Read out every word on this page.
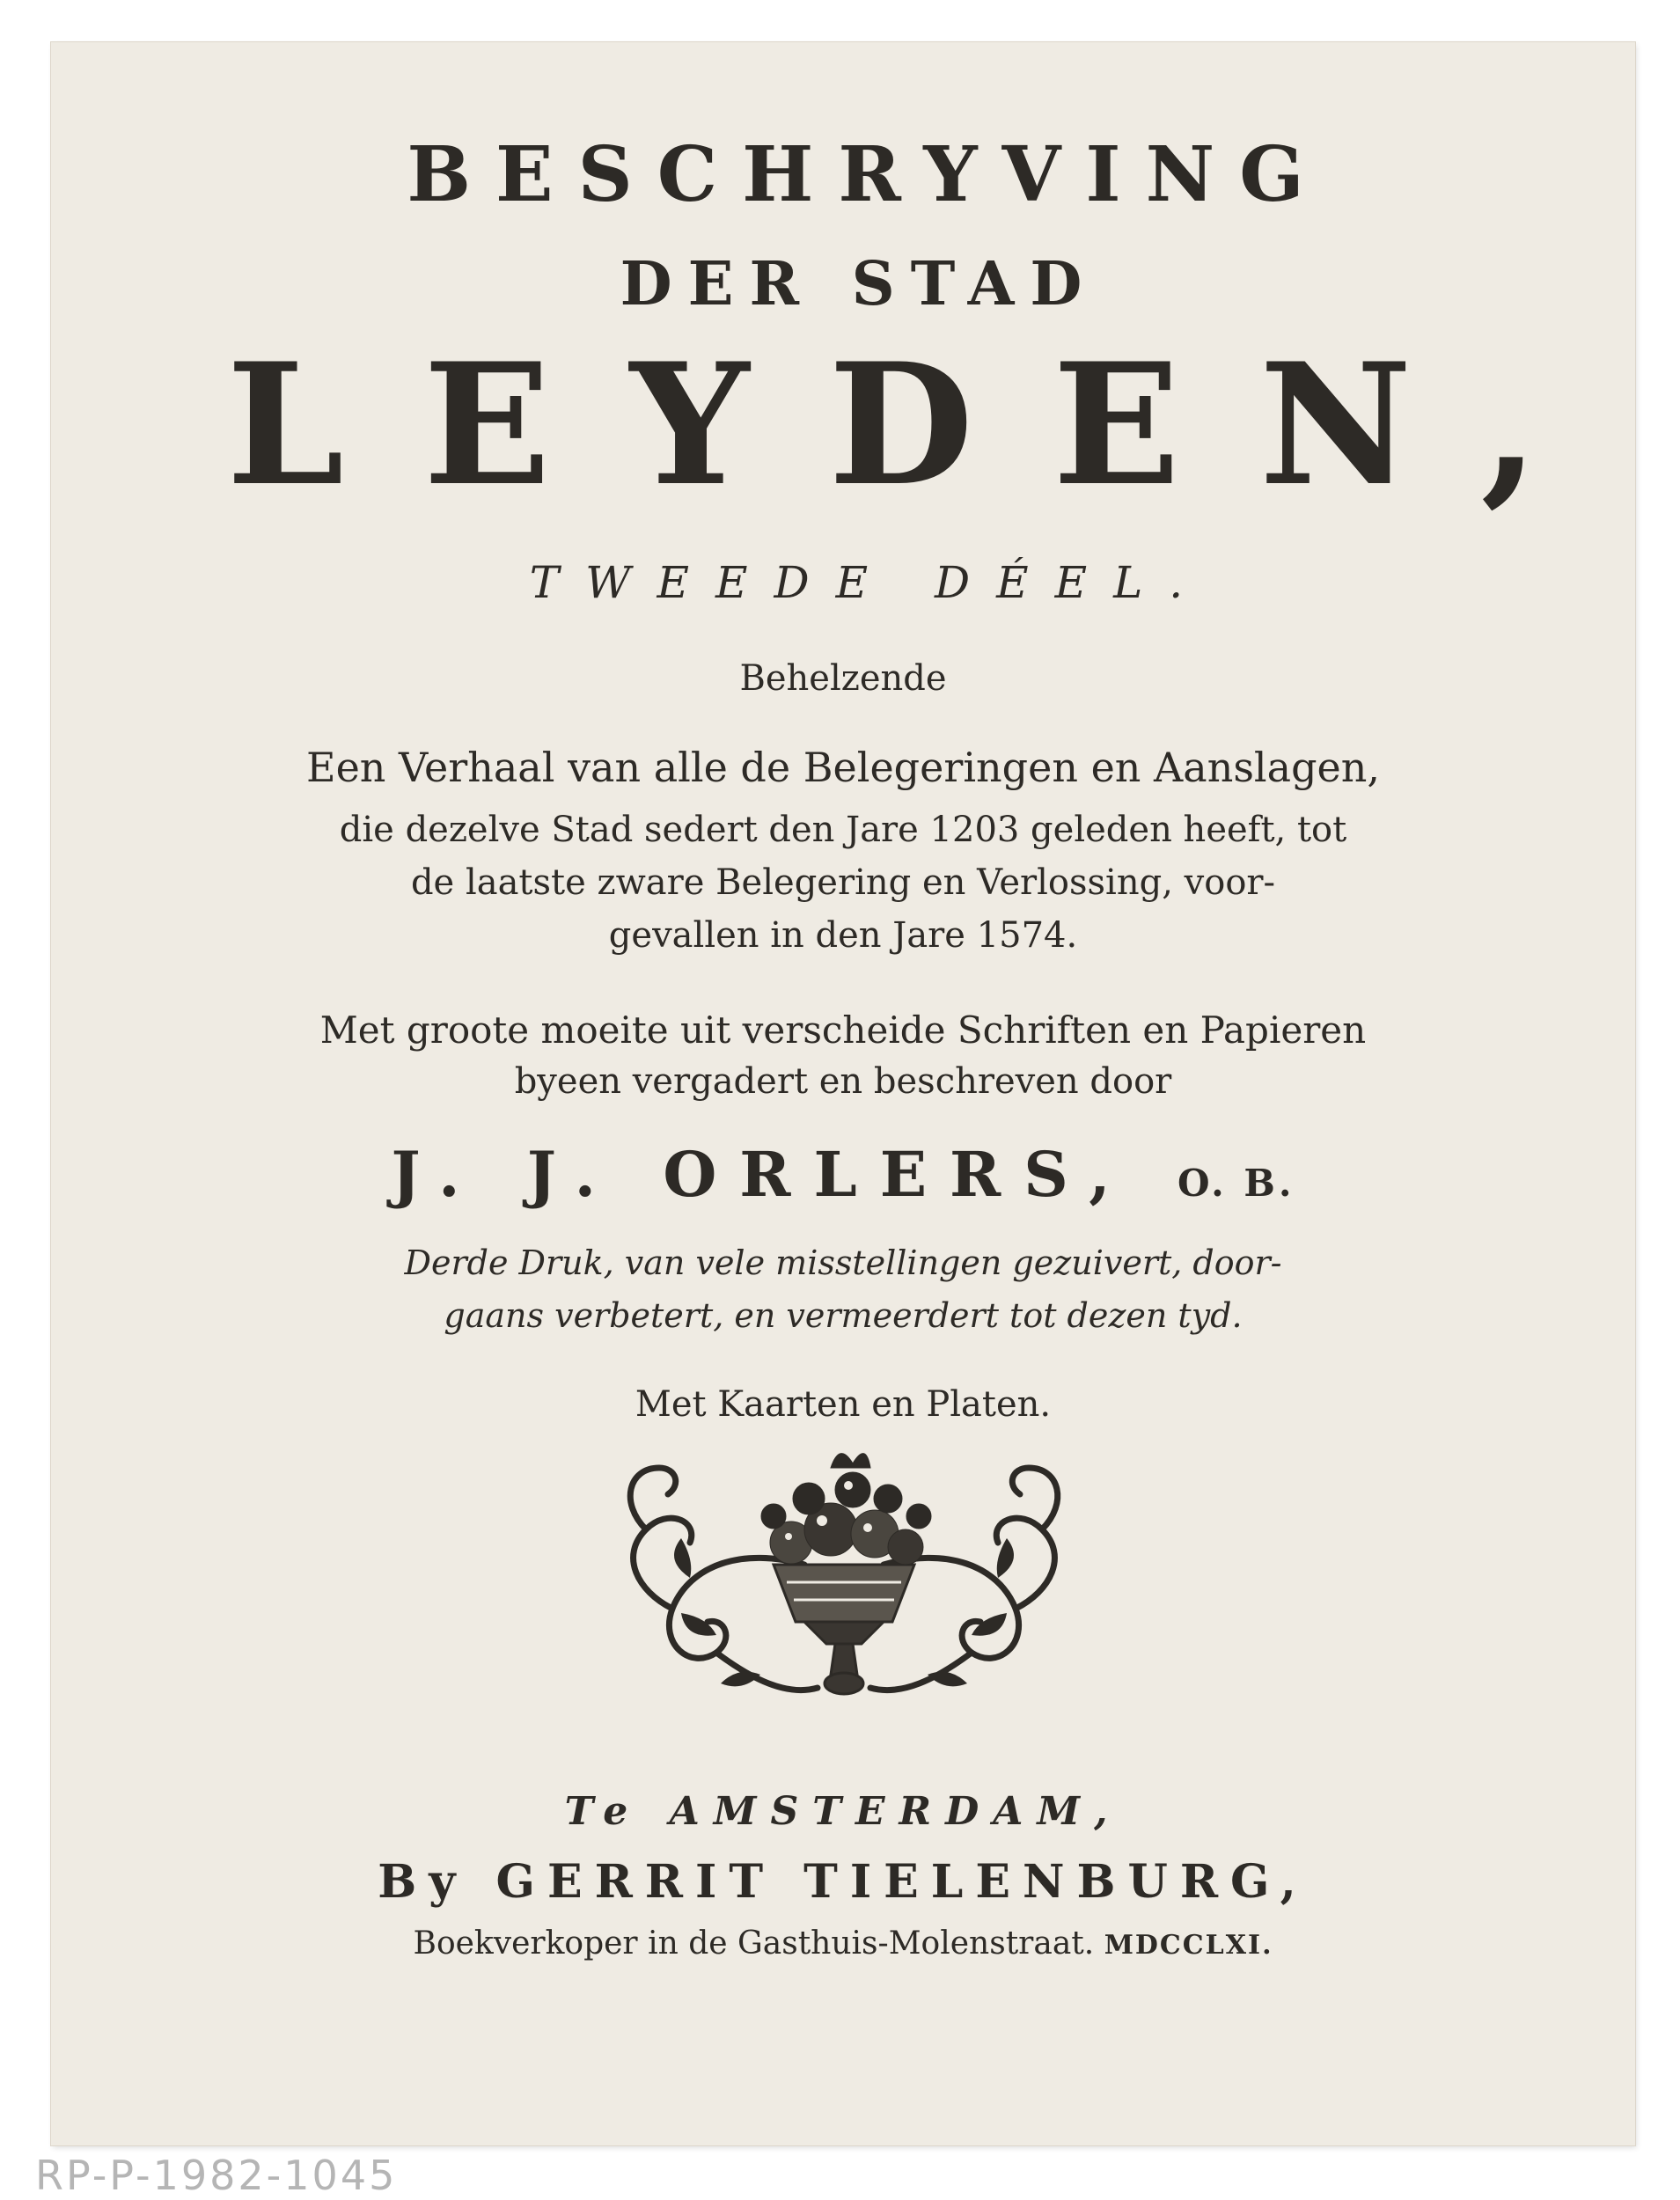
BESCHRYVING
DER STAD
LEYDEN,
TWEEDE DÉEL.
Behelzende
Een Verhaal van alle de Belegeringen en Aanslagen,
die dezelve Stad sedert den Jare 1203 geleden heeft, tot
de laatste zware Belegering en Verlossing, voor-
gevallen in den Jare 1574.
Met groote moeite uit verscheide Schriften en Papieren
byeen vergadert en beschreven door
J. J. ORLERS, O. B.
Derde Druk, van vele misstellingen gezuivert, door-
gaans verbetert, en vermeerdert tot dezen tyd.
Met Kaarten en Platen.
Te AMSTERDAM,
By GERRIT TIELENBURG,
Boekverkoper in de Gasthuis-Molenstraat. MDCCLXI.
RP-P-1982-1045
